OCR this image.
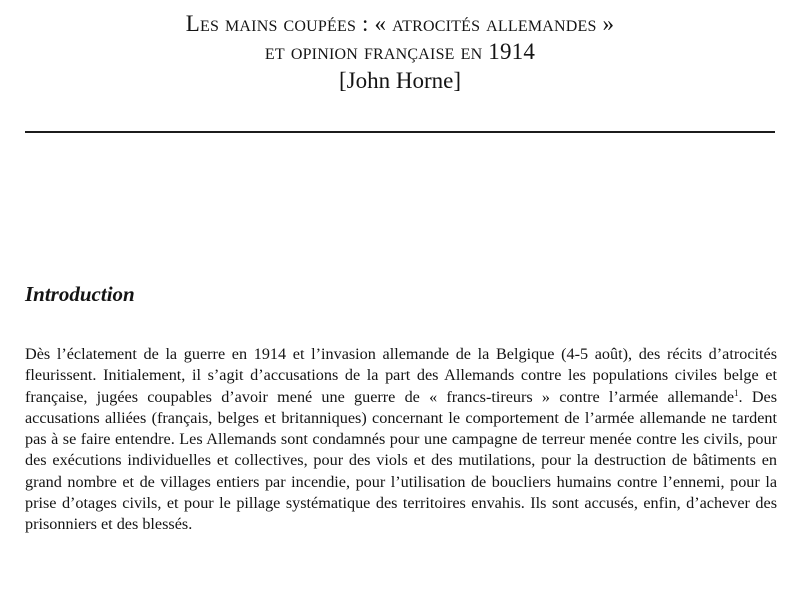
Les mains coupées : « atrocités allemandes »
et opinion française en 1914
[John Horne]
Introduction

Dès l’éclatement de la guerre en 1914 et l’invasion allemande de la Belgique (4-5 août), des récits d’atrocités fleurissent. Initialement, il s’agit d’accusations de la part des Allemands contre les populations civiles belge et française, jugées coupables d’avoir mené une guerre de « francs-tireurs » contre l’armée allemande$^1$. Des accusations alliées (français, belges et britanniques) concernant le comportement de l’armée allemande ne tardent pas à se faire entendre. Les Allemands sont condamnés pour une campagne de terreur menée contre les civils, pour des exécutions individuelles et collectives, pour des viols et des mutilations, pour la destruction de bâtiments en grand nombre et de villages entiers par incendie, pour l’utilisation de boucliers humains contre l’ennemi, pour la prise d’otages civils, et pour le pillage systématique des territoires envahis. Ils sont accusés, enfin, d’achever des prisonniers et des blessés.
